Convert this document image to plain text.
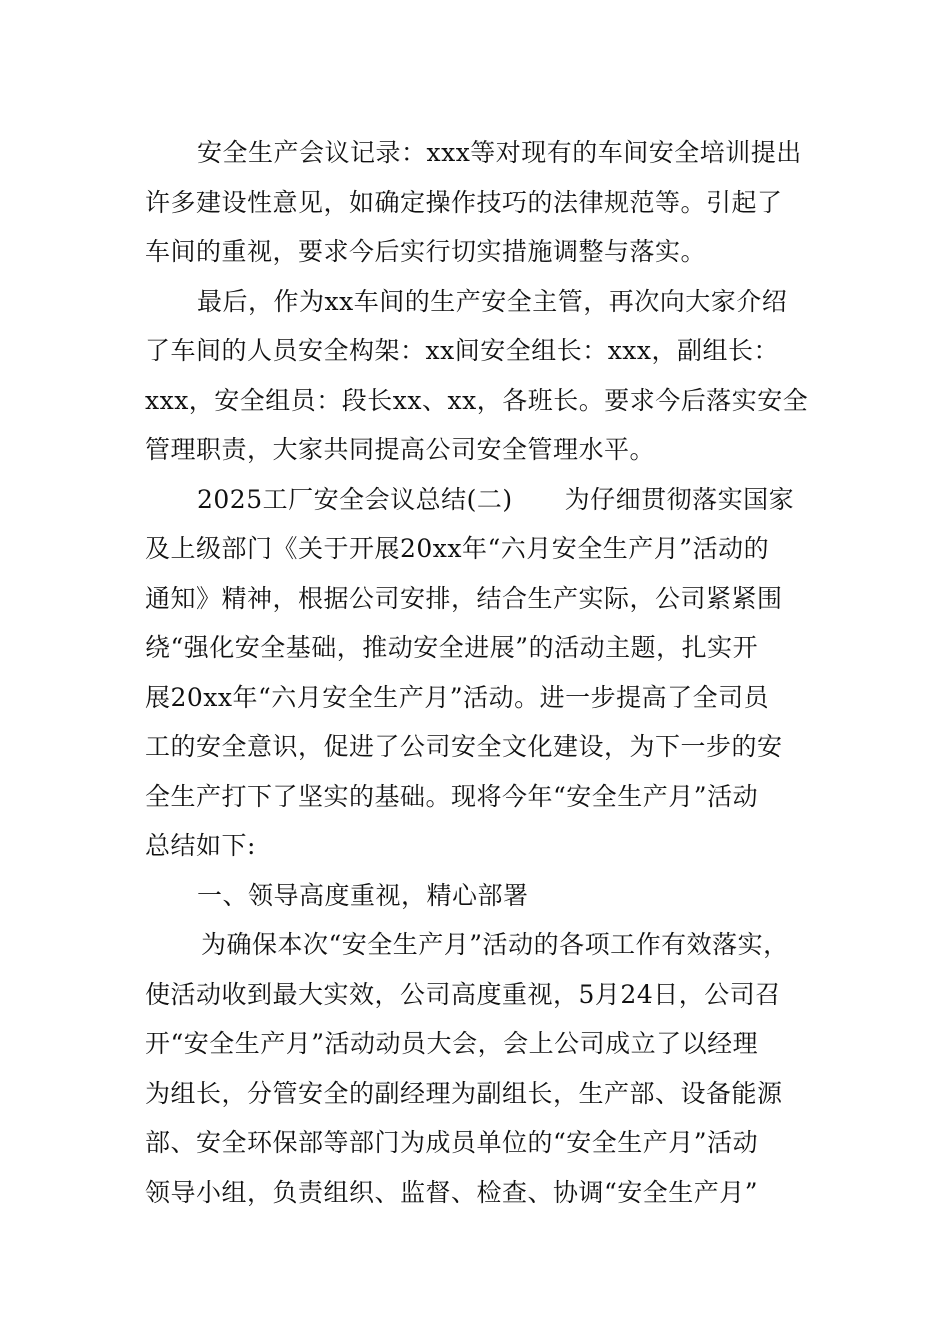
安全生产会议记录：xxx等对现有的车间安全培训提出
许多建设性意见，如确定操作技巧的法律规范等。引起了
车间的重视，要求今后实行切实措施调整与落实。
最后，作为xx车间的生产安全主管，再次向大家介绍
了车间的人员安全构架：xx间安全组长：xxx，副组长：
xxx，安全组员：段长xx、xx，各班长。要求今后落实安全
管理职责，大家共同提高公司安全管理水平。
2025工厂安全会议总结(二) 为仔细贯彻落实国家
及上级部门《关于开展20xx年“六月安全生产月”活动的
通知》精神，根据公司安排，结合生产实际，公司紧紧围
绕“强化安全基础，推动安全进展”的活动主题，扎实开
展20xx年“六月安全生产月”活动。进一步提高了全司员
工的安全意识，促进了公司安全文化建设，为下一步的安
全生产打下了坚实的基础。现将今年“安全生产月”活动
总结如下:
一、领导高度重视，精心部署
为确保本次“安全生产月”活动的各项工作有效落实，
使活动收到最大实效，公司高度重视，5月24日，公司召
开“安全生产月”活动动员大会，会上公司成立了以经理
为组长，分管安全的副经理为副组长，生产部、设备能源
部、安全环保部等部门为成员单位的“安全生产月”活动
领导小组，负责组织、监督、检查、协调“安全生产月”
